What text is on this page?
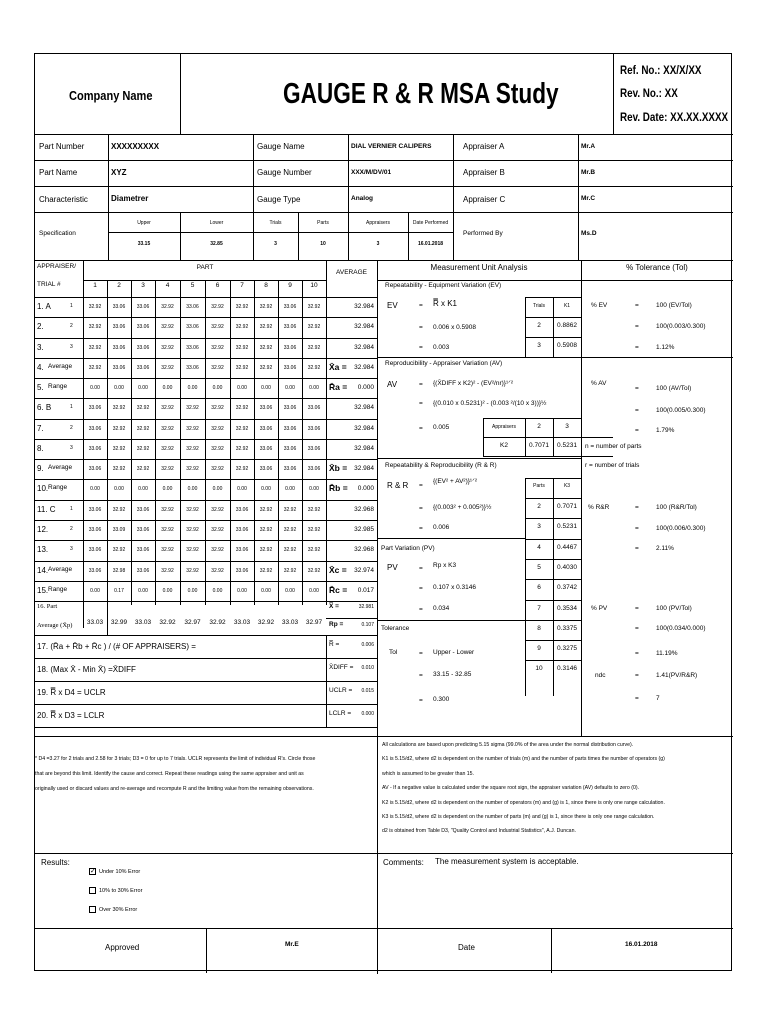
Company Name	GAUGE R & R MSA Study
Ref. No.: XX/X/XX
Rev. No.: XX
Rev. Date: XX.XX.XXXX
Part Number	XXXXXXXXX
Part Name	XYZ
Characteristic	Diametrer
Specification
Gauge Name	DIAL VERNIER CALIPERS
Gauge Number	XXX/M/DV/01
Gauge Type	Analog
Appraiser A	Mr.A
Appraiser B	Mr.B
Appraiser C	Mr.C
Performed By	Ms.D
Upper
33.15
Lower
32.85
Trials
3
Parts
10
Appraisers
3
Date Performed
16.01.2018
APPRAISER/
TRIAL #
PART
AVERAGE
1	2	3	4	5	6	7	8	9	10
1. A	1	32.92	33.06	33.06	32.92	33.06	32.92	32.92	32.92	33.06	32.92	32.984
2.	2	32.92	33.06	33.06	32.92	33.06	32.92	32.92	32.92	33.06	32.92	32.984
3.	3	32.92	33.06	33.06	32.92	33.06	32.92	32.92	32.92	33.06	32.92	32.984
4. Average	32.92	33.06	33.06	32.92	33.06	32.92	32.92	32.92	33.06	32.92	X̄a =	32.984
5. Range	0.00	0.00	0.00	0.00	0.00	0.00	0.00	0.00	0.00	0.00	R̄a =	0.000
6. B	1	33.06	32.92	32.92	32.92	32.92	32.92	32.92	33.06	33.06	33.06	32.984
7.	2	33.06	32.92	32.92	32.92	32.92	32.92	32.92	33.06	33.06	33.06	32.984
8.	3	33.06	32.92	32.92	32.92	32.92	32.92	32.92	33.06	33.06	33.06	32.984
9. Average	33.06	32.92	32.92	32.92	32.92	32.92	32.92	33.06	33.06	33.06	X̄b =	32.984
10. Range	0.00	0.00	0.00	0.00	0.00	0.00	0.00	0.00	0.00	0.00	R̄b =	0.000
11. C	1	33.06	32.92	33.06	32.92	32.92	32.92	33.06	32.92	32.92	32.92	32.968
12.	2	33.06	33.09	33.06	32.92	32.92	32.92	33.06	32.92	32.92	32.92	32.985
13.	3	33.06	32.92	33.06	32.92	32.92	32.92	33.06	32.92	32.92	32.92	32.968
14. Average	33.06	32.98	33.06	32.92	32.92	32.92	33.06	32.92	32.92	32.92	X̄c =	32.974
15. Range	0.00	0.17	0.00	0.00	0.00	0.00	0.00	0.00	0.00	0.00	R̄c =	0.017
16. Part
Average (X̄p)	33.03	32.99	33.03	32.92	32.97	32.92	33.03	32.92	33.03	32.97
X̿ =	32.981
Rp =	0.107
17. (R̄a + R̄b + R̄c ) / (# OF APPRAISERS) =	R̿ =	0.006
18. (Max X̄ - Min X̄) =X̄DIFF	X̄DIFF =	0.010
19. R̿ x D4 = UCLR	UCLR =	0.015
20. R̿ x D3 = LCLR	LCLR =	0.000
Measurement Unit Analysis	% Tolerance (Tol)
Repeatability - Equipment Variation (EV)
EV	= R̿ x K1
= 0.006 x 0.5908
= 0.003
Trials	K1
2	0.8862
3	0.5908
% EV	=	100 (EV/Tol)
=	100(0.003/0.300)
=	1.12%
Reproducibility - Appraiser Variation (AV)
AV	= {(X̄DIFF x K2)² - (EV²/nr)}¹ᐟ²
= {(0.010 x 0.5231)² - (0.003 ²/(10 x 3))}½
= 0.005	Appraisers	2	3
K2	0.7071	0.5231
% AV
=	100 (AV/Tol)
=	100(0.005/0.300)
=	1.79%
n = number of parts
r = number of trials
Repeatability & Reproducibility (R & R)
R & R =
{(EV² + AV²)}¹ᐟ²
= {(0.003² + 0.005²)}½
= 0.006
Parts	K3
2	0.7071
3	0.5231
4	0.4467
5	0.4030
6	0.3742
7	0.3534
8	0.3375
9	0.3275
10	0.3146
% R&R	=	100 (R&R/Tol)
=	100(0.006/0.300)
=	2.11%
Part Variation (PV)
PV	= Rp x K3
= 0.107 x 0.3146
= 0.034	% PV	=	100 (PV/Tol)
=	100(0.034/0.000)
=	11.19%
Tolerance
Tol	= Upper - Lower
= 33.15 - 32.85
= 0.300
ndc	=	1.41(PV/R&R)
=	7
* D4 =3.27 for 2 trials and 2.58 for 3 trials; D3 = 0 for up to 7 trials. UCLR represents the limit of individual R's. Circle those
that are beyond this limit. Identify the cause and correct. Repeat these readings using the same appraiser and unit as
originally used or discard values and re-average and recompute R and the limiting value from the remaining observations.
All calculations are based upon predicting 5.15 sigma (99.0% of the area under the normal distribution curve).
K1 is 5.15/d2, where d2 is dependent on the number of trials (m) and the number of parts times the number of operators (g)
which is assumed to be greater than 15.
AV - If a negative value is calculated under the square root sign, the appraiser variation (AV) defaults to zero (0).
K2 is 5.15/d2, where d2 is dependent on the number of operators (m) and (g) is 1, since there is only one range calculation.
K3 is 5.15/d2, where d2 is dependent on the number of parts (m) and (g) is 1, since there is only one range calculation.
d2 is obtained from Table D3, "Quality Control and Industrial Statistics", A.J. Duncan.
Results:
✓ Under 10% Error
10% to 30% Error
Over 30% Error
Comments: The measurement system is acceptable.
Approved	Mr.E	Date	16.01.2018
